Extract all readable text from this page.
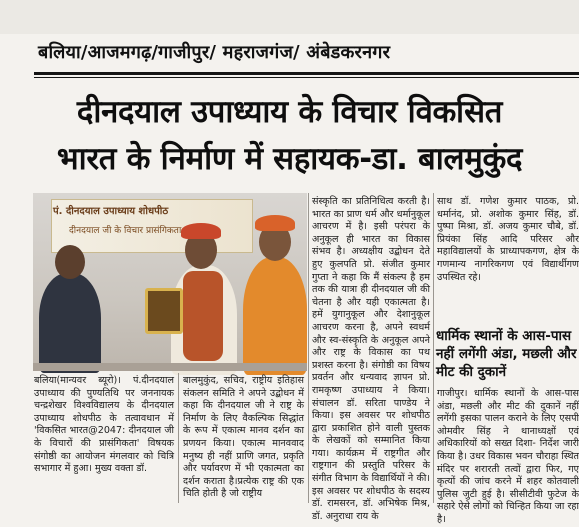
बलिया/आजमगढ़/गाजीपुर/ महराजगंज/ अंबेडकरनगर
दीनदयाल उपाध्याय के विचार विकसित
भारत के निर्माण में सहायक-डा. बालमुकुंद
पं. दीनदयाल उपाध्याय शोधपीठ
दीनदयाल जी के विचार प्रासंगिकता

बलिया(मान्यवर ब्यूरो)। पं.दीनदयाल उपाध्याय की पुण्यतिथि पर जननायक चन्द्रशेखर विश्वविद्यालय के दीनदयाल उपाध्याय शोधपीठ के तत्वावधान में 'विकसित भारत@2047: दीनदयाल जी के विचारों की प्रासंगिकता' विषयक संगोष्ठी का आयोजन मंगलवार को चित्रि सभागार में हुआ। मुख्य वक्ता डॉ.

बालमुकुंद, सचिव, राष्ट्रीय इतिहास संकलन समिति ने अपने उद्बोधन में कहा कि दीनदयाल जी ने राष्ट्र के निर्माण के लिए वैकल्पिक सिद्धांत के रूप में एकात्म मानव दर्शन का प्रणयन किया। एकात्म मानववाद मनुष्य ही नहीं प्राणि जगत, प्रकृति और पर्यावरण में भी एकात्मता का दर्शन कराता है।प्रत्येक राष्ट्र की एक चिति होती है जो राष्ट्रीय

संस्कृति का प्रतिनिधित्व करती है। भारत का प्राण धर्म और धर्मानुकूल आचरण में है। इसी परंपरा के अनुकूल ही भारत का विकास संभव है। अध्यक्षीय उद्बोधन देते हुए कुलपति प्रो. संजीत कुमार गुप्ता ने कहा कि मैं संकल्प है हम तक की यात्रा ही दीनदयाल जी की चेतना है और यही एकात्मता है। हमें युगानुकूल और देशानुकूल आचरण करना है, अपने स्वधर्म और स्व-संस्कृति के अनुकूल अपने और राष्ट्र के विकास का पथ प्रशस्त करना है। संगोष्ठी का विषय प्रवर्तन और धन्यवाद ज्ञापन प्रो. रामकृष्ण उपाध्याय ने किया। संचालन डॉ. सरिता पाण्डेय ने किया। इस अवसर पर शोधपीठ द्वारा प्रकाशित होने वाली पुस्तक के लेखकों को सम्मानित किया गया। कार्यक्रम में राष्ट्रगीत और राष्ट्रगान की प्रस्तुति परिसर के संगीत विभाग के विद्यार्थियों ने की। इस अवसर पर शोधपीठ के सदस्य डॉ. रामसरन, डॉ. अभिषेक मिश्र, डॉ. अनुराधा राय के

साथ डॉ. गणेश कुमार पाठक, प्रो. धर्मानंद, प्रो. अशोक कुमार सिंह, डॉ. पुष्पा मिश्रा, डॉ. अजय कुमार चौबे, डॉ. प्रियंका सिंह आदि परिसर और महाविद्यालयों के प्राध्यापकगण, क्षेत्र के गणमान्य नागरिकगण एवं विद्यार्थीगण उपस्थित रहे।

धार्मिक स्थानों के आस-पास नहीं लगेंगी अंडा, मछली और मीट की दुकानें

गाजीपुर। धार्मिक स्थानों के आस-पास अंडा, मछली और मीट की दुकानें नहीं लगेंगी इसका पालन कराने के लिए एसपी ओमवीर सिंह ने थानाध्यक्षों एवं अधिकारियों को सख्त दिशा- निर्देश जारी किया है। उधर विकास भवन चौराहा स्थित मंदिर पर शरारती तत्वों द्वारा फिर, गए कृत्यों की जांच करने में शहर कोतवाली पुलिस जुटी हुई है। सीसीटीवी फुटेज के सहारे ऐसे लोगों को चिन्हित किया जा रहा है।
